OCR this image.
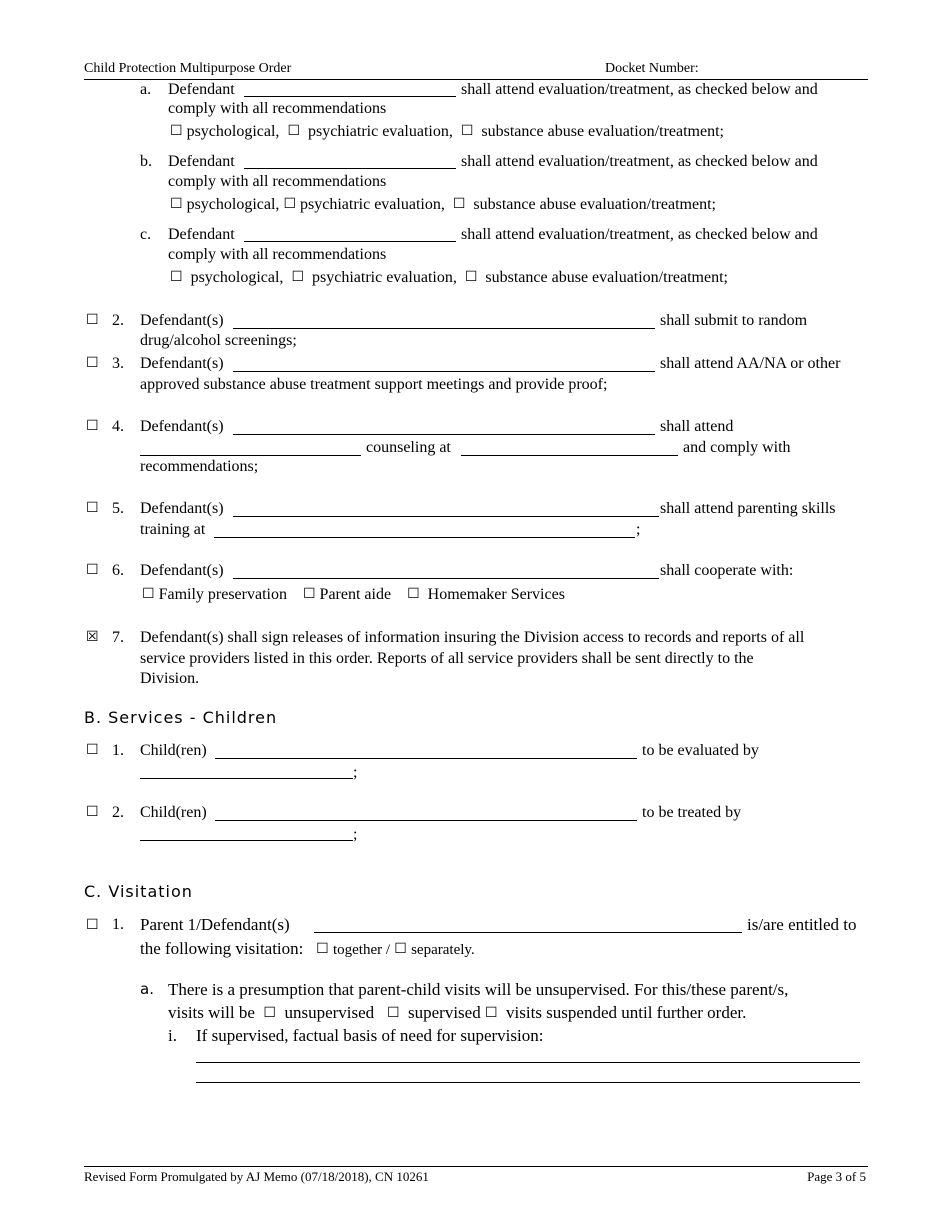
Child Protection Multipurpose Order	Docket Number:
a. Defendant	shall attend evaluation/treatment, as checked below and
comply with all recommendations
☐ psychological, ☐ psychiatric evaluation, ☐ substance abuse evaluation/treatment;
b. Defendant	shall attend evaluation/treatment, as checked below and
comply with all recommendations
☐ psychological, ☐ psychiatric evaluation, ☐ substance abuse evaluation/treatment;
c. Defendant	shall attend evaluation/treatment, as checked below and
comply with all recommendations
☐ psychological, ☐ psychiatric evaluation, ☐ substance abuse evaluation/treatment;
☐ 2. Defendant(s)	shall submit to random
drug/alcohol screenings;
☐ 3. Defendant(s)	shall attend AA/NA or other
approved substance abuse treatment support meetings and provide proof;
☐ 4. Defendant(s)	shall attend
counseling at	and comply with
recommendations;
☐ 5. Defendant(s)	shall attend parenting skills
training at	;
☐ 6. Defendant(s)	shall cooperate with:
☐ Family preservation ☐ Parent aide ☐ Homemaker Services
☒ 7. Defendant(s) shall sign releases of information insuring the Division access to records and reports of all
service providers listed in this order. Reports of all service providers shall be sent directly to the
Division.
B. Services - Children
☐ 1. Child(ren)	to be evaluated by
;
☐ 2. Child(ren)	to be treated by
;
C. Visitation
☐ 1. Parent 1/Defendant(s)	is/are entitled to
the following visitation: ☐ together / ☐ separately.
a. There is a presumption that parent-child visits will be unsupervised. For this/these parent/s,
visits will be ☐ unsupervised ☐ supervised ☐ visits suspended until further order.
i. If supervised, factual basis of need for supervision:
Revised Form Promulgated by AJ Memo (07/18/2018), CN 10261	Page 3 of 5
